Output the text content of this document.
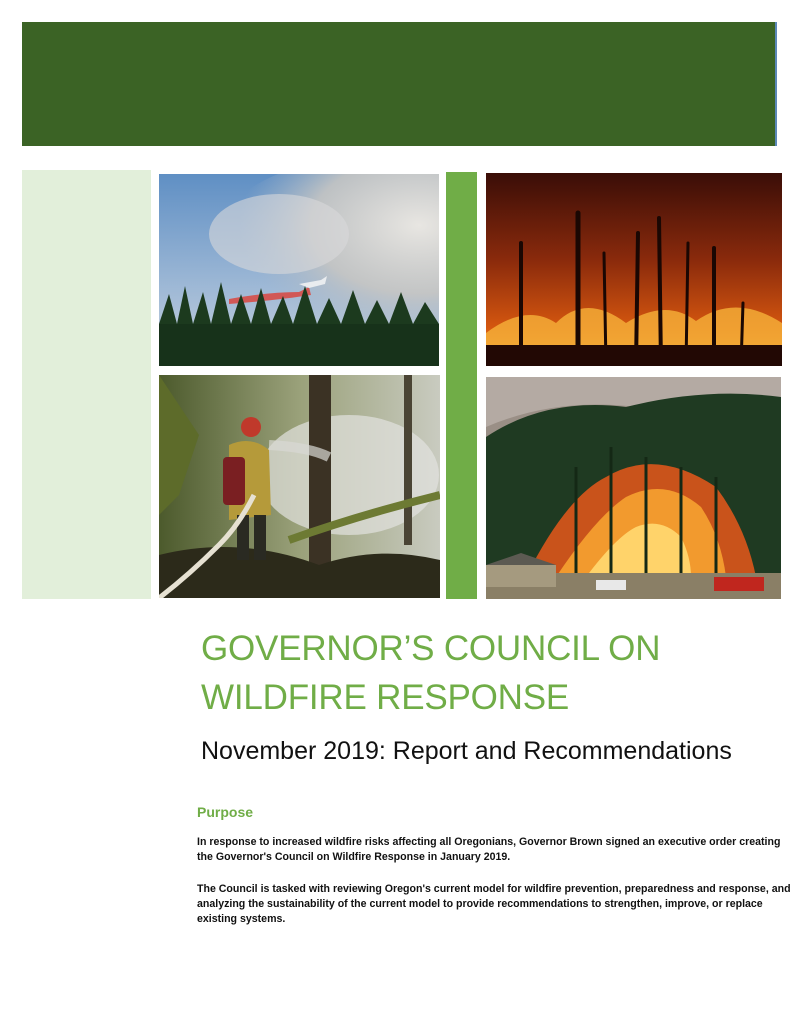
GOVERNOR’S COUNCIL ON
WILDFIRE RESPONSE

November 2019: Report and Recommendations

Purpose

In response to increased wildfire risks affecting all Oregonians, Governor Brown signed an executive order creating the Governor's Council on Wildfire Response in January 2019.

The Council is tasked with reviewing Oregon's current model for wildfire prevention, preparedness and response, and analyzing the sustainability of the current model to provide recommendations to strengthen, improve, or replace existing systems.
